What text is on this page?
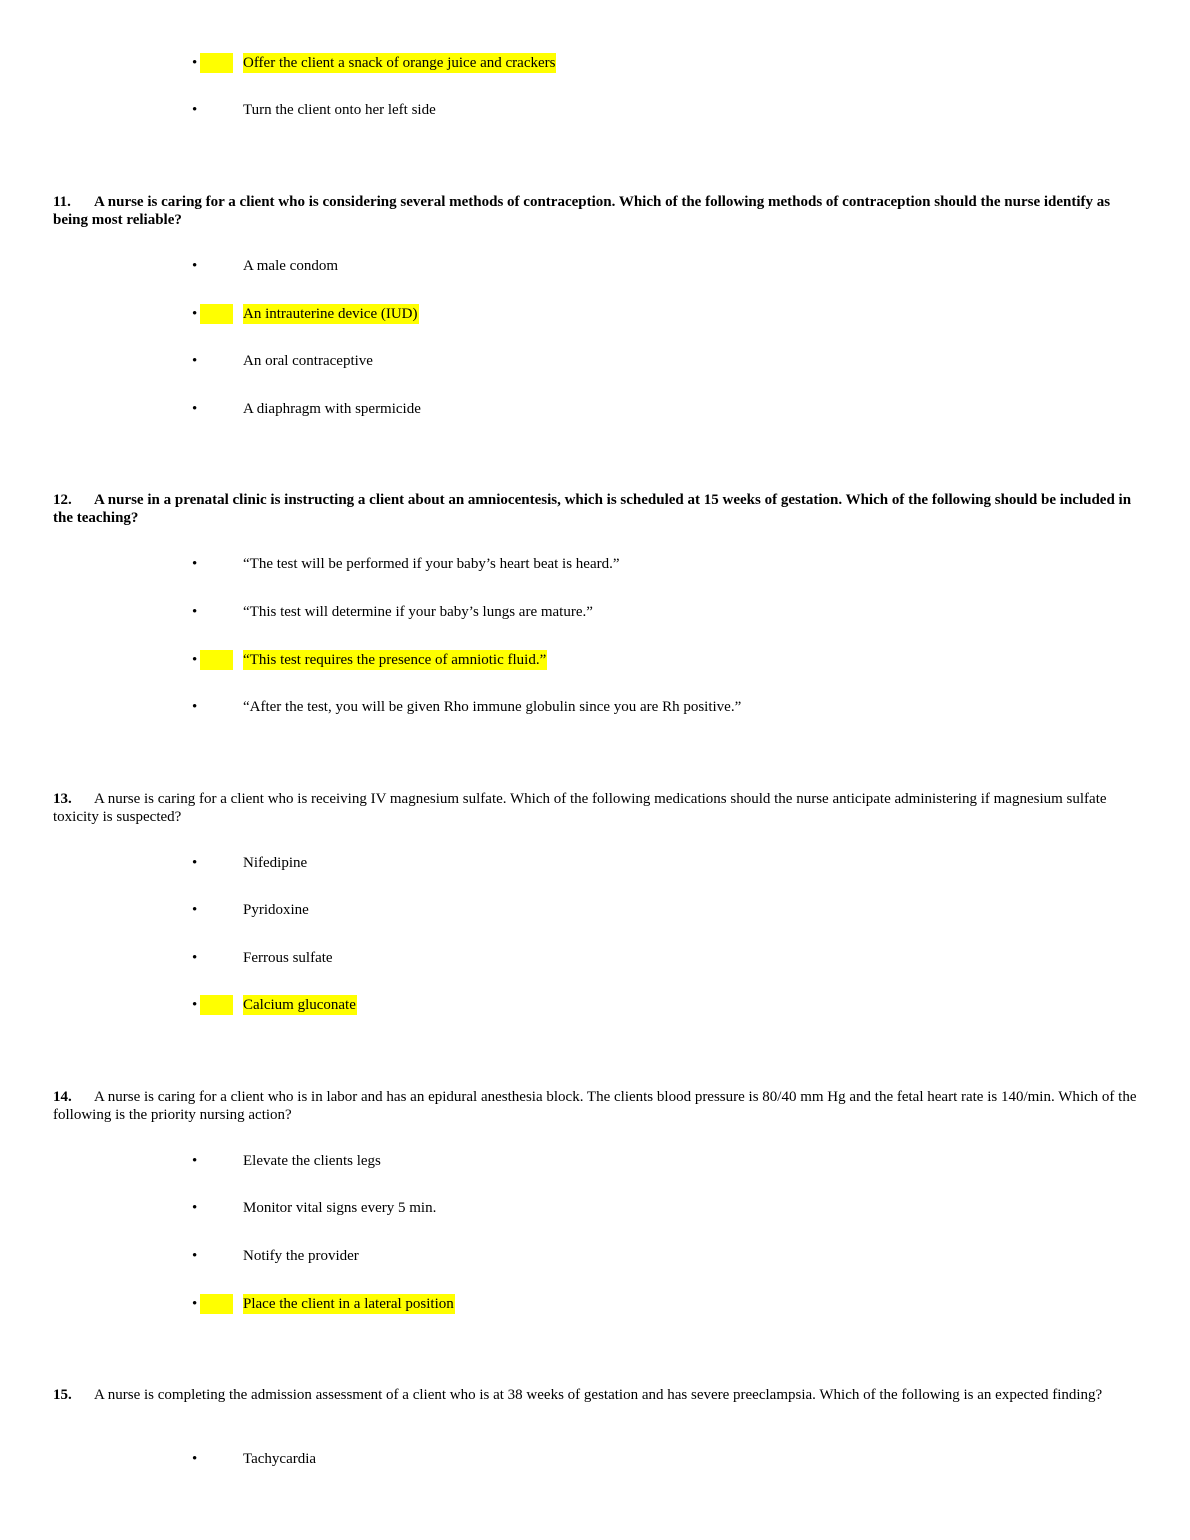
•	Offer the client a snack of orange juice and crackers
•	Turn the client onto her left side
11. A nurse is caring for a client who is considering several methods of contraception. Which of the following methods of contraception should the nurse identify as being most reliable?
•	A male condom
•	An intrauterine device (IUD)
•	An oral contraceptive
•	A diaphragm with spermicide
12. A nurse in a prenatal clinic is instructing a client about an amniocentesis, which is scheduled at 15 weeks of gestation. Which of the following should be included in the teaching?
•	“The test will be performed if your baby’s heart beat is heard.”
•	“This test will determine if your baby’s lungs are mature.”
•	“This test requires the presence of amniotic fluid.”
•	“After the test, you will be given Rho immune globulin since you are Rh positive.”
13. A nurse is caring for a client who is receiving IV magnesium sulfate. Which of the following medications should the nurse anticipate administering if magnesium sulfate toxicity is suspected?
•	Nifedipine
•	Pyridoxine
•	Ferrous sulfate
•	Calcium gluconate
14. A nurse is caring for a client who is in labor and has an epidural anesthesia block. The clients blood pressure is 80/40 mm Hg and the fetal heart rate is 140/min. Which of the following is the priority nursing action?
•	Elevate the clients legs
•	Monitor vital signs every 5 min.
•	Notify the provider
•	Place the client in a lateral position
15. A nurse is completing the admission assessment of a client who is at 38 weeks of gestation and has severe preeclampsia. Which of the following is an expected finding?
•	Tachycardia
